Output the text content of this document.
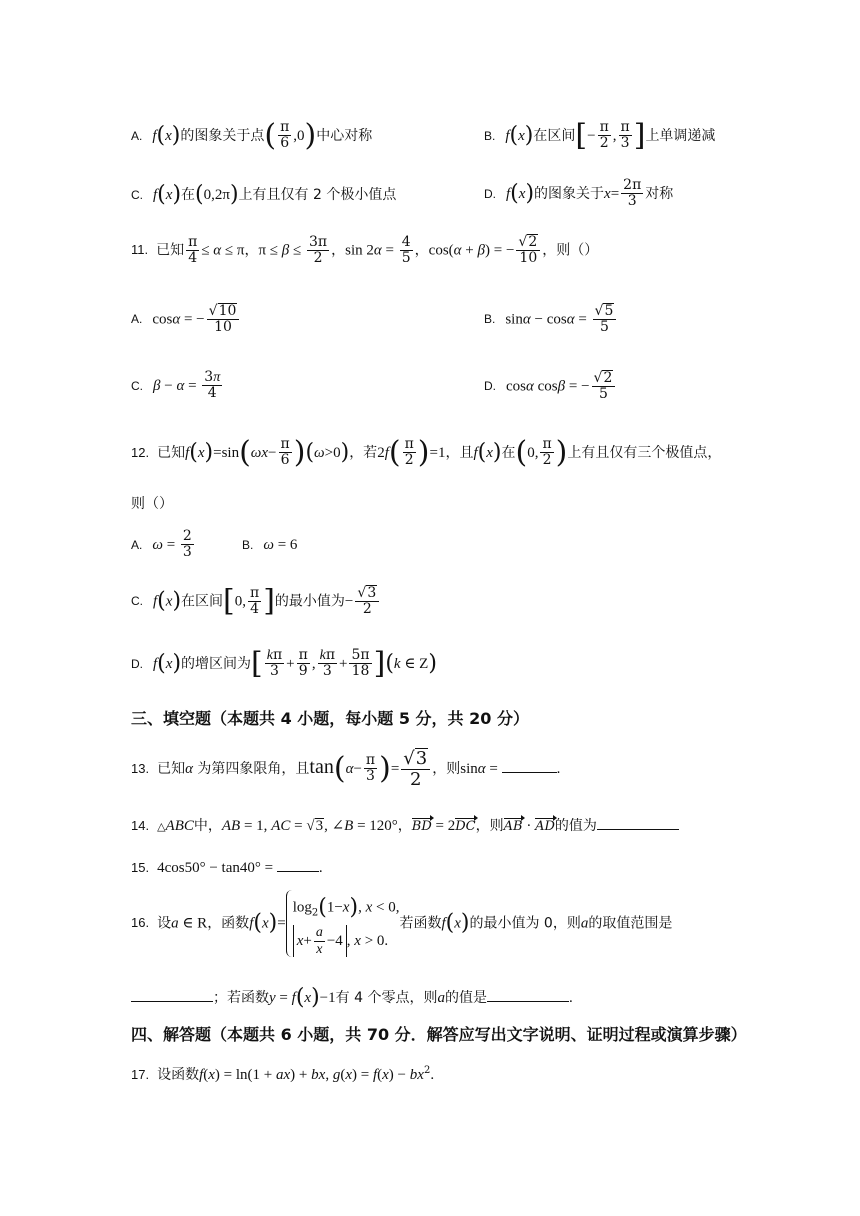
A. f(x)的图象关于点( $\frac{\pi}{6} ,0$)中心对称	B. f(x)在区间[− $\frac{\pi}{2}$ , $\frac{\pi}{3}$ ]上单调递减
C. f(x)在(0,2π)上有且仅有 2 个极小值点	D. f(x)的图象关于$x= \frac{2\pi}{3}$ 对称
11. 已知 $\frac{\pi}{4} \le \alpha \le \pi$，$\pi \le \beta \le \frac{3\pi}{2}$ ，$\sin 2\alpha = \frac{4}{5}$ ，cos(α + β) = − $\frac{√2}{10}$ ，则（）
A. cosα = − $\frac{√10}{10}$	B. $\sin\alpha - \cos\alpha = \frac{√5}{5}$
C. $\beta - \alpha = \frac{3\pi}{4}$	D. cosα cosβ = − $\frac{√2}{5}$
12. 已知$f(x)=\sin(\omega x- \frac{\pi}{6} )(\omega>0)$，若$2f( \frac{\pi}{2} )=1$，且f(x)在(0, $\frac{\pi}{2}$ )上有且仅有三个极值点，
则（）
A. $\omega = \frac{2}{3}$	B. ω = 6
C. f(x)在区间[0, $\frac{\pi}{4}$ ]的最小值为− $\frac{√3}{2}$
D. f(x)的增区间为[ $\frac{k\pi}{3} + \frac{\pi}{9}$ , $\frac{k\pi}{3} + \frac{5\pi}{18} ](k$ ∈ Z)
三、填空题（本题共 4 小题，每小题 5 分，共 20 分）
13. 已知α 为第四象限角，且$\tan(\alpha- \frac{\pi}{3}$ )= $\frac{√3}{2}$ ，则sinα =	.
14. △ABC中，AB = 1, AC = √3, ∠B = 120°，BD = 2DC，则AB · AD的值为
15. 4cos50° − tan40° =	.
16. 设a ∈ R，函数f(x)=
$\log_2(1-x)$, x < 0,
$x+ \frac{a}{x} -4$ , x > 0.
若函数f(x)的最小值为 0，则a的取值范围是
；若函数y = f(x)−1有 4 个零点，则a的值是	.
四、解答题（本题共 6 小题，共 70 分．解答应写出文字说明、证明过程或演算步骤）
17. 设函数f(x) = ln(1 + ax) + bx, $g(x) = f(x) - bx^2$.
